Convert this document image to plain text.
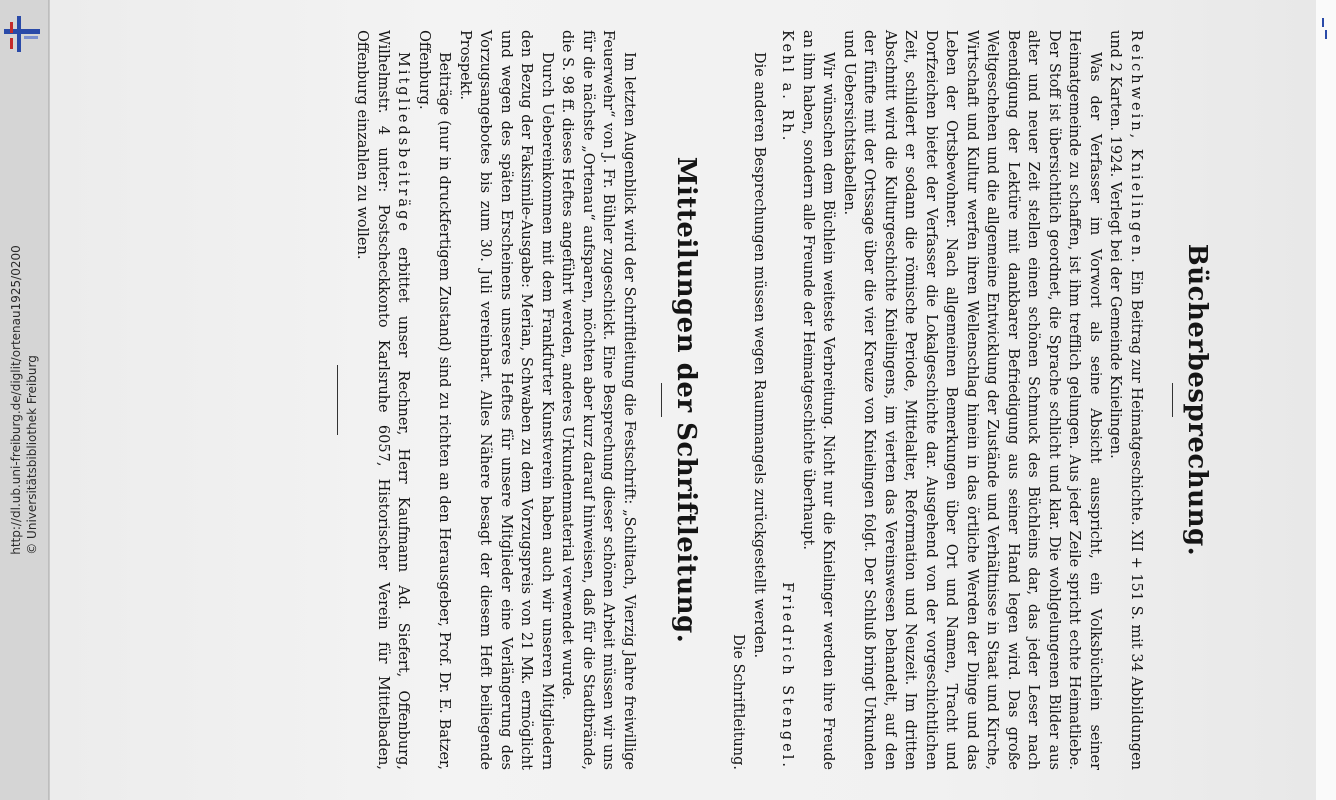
http://dl.ub.uni-freiburg.de/diglit/ortenau1925/0200 © Universitätsbibliothek Freiburg	Bücherbesprechung.

Reichwein, Knielingen. Ein Beitrag zur Heimatgeschichte. XII + 151 S. mit 34 Abbildungen und 2 Karten. 1924. Verlegt bei der Gemeinde Knielingen.

Was der Verfasser im Vorwort als seine Absicht ausspricht, ein Volksbüchlein seiner Heimatgemeinde zu schaffen, ist ihm trefflich gelungen. Aus jeder Zeile spricht echte Heimatliebe. Der Stoff ist übersichtlich geordnet, die Sprache schlicht und klar. Die wohlgelungenen Bilder aus alter und neuer Zeit stellen einen schönen Schmuck des Büchleins dar, das jeder Leser nach Beendigung der Lektüre mit dankbarer Befriedigung aus seiner Hand legen wird. Das große Weltgeschehen und die allgemeine Entwicklung der Zustände und Verhältnisse in Staat und Kirche, Wirtschaft und Kultur werfen ihren Wellenschlag hinein in das örtliche Werden der Dinge und das Leben der Ortsbewohner. Nach allgemeinen Bemerkungen über Ort und Namen, Tracht und Dorfzeichen bietet der Verfasser die Lokalgeschichte dar. Ausgehend von der vorgeschichtlichen Zeit, schildert er sodann die römische Periode, Mittelalter, Reformation und Neuzeit. Im dritten Abschnitt wird die Kulturgeschichte Knielingens, im vierten das Vereinswesen behandelt, auf den der fünfte mit der Ortssage über die vier Kreuze von Knielingen folgt. Der Schluß bringt Urkunden und Uebersichtstabellen.

Wir wünschen dem Büchlein weiteste Verbreitung. Nicht nur die Knielinger werden ihre Freude an ihm haben, sondern alle Freunde der Heimatgeschichte überhaupt.

Kehl a. Rh.
Friedrich Stengel.

Die anderen Besprechungen müssen wegen Raummangels zurückgestellt werden.

Die Schriftleitung.

Mitteilungen der Schriftleitung.

Im letzten Augenblick wird der Schriftleitung die Festschrift: „Schiltach, Vierzig Jahre freiwillige Feuerwehr“ von J. Fr. Bühler zugeschickt. Eine Besprechung dieser schönen Arbeit müssen wir uns für die nächste „Ortenau“ aufsparen, möchten aber kurz darauf hinweisen, daß für die Stadtbrände, die S. 98 ff. dieses Heftes angeführt werden, anderes Urkundenmaterial verwendet wurde.

Durch Uebereinkommen mit dem Frankfurter Kunstverein haben auch wir unseren Mitgliedern den Bezug der Faksimile-Ausgabe: Merian, Schwaben zu dem Vorzugspreis von 21 Mk. ermöglicht und wegen des späten Erscheinens unseres Heftes für unsere Mitglieder eine Verlängerung des Vorzugsangebotes bis zum 30. Juli vereinbart. Alles Nähere besagt der diesem Heft beiliegende Prospekt.

Beiträge (nur in druckfertigem Zustand) sind zu richten an den Herausgeber, Prof. Dr. E. Batzer, Offenburg.

Mitgliedsbeiträge erbittet unser Rechner, Herr Kaufmann Ad. Siefert, Offenburg, Wilhelmstr. 4 unter: Postscheckkonto Karlsruhe 6057, Historischer Verein für Mittelbaden, Offenburg einzahlen zu wollen.
